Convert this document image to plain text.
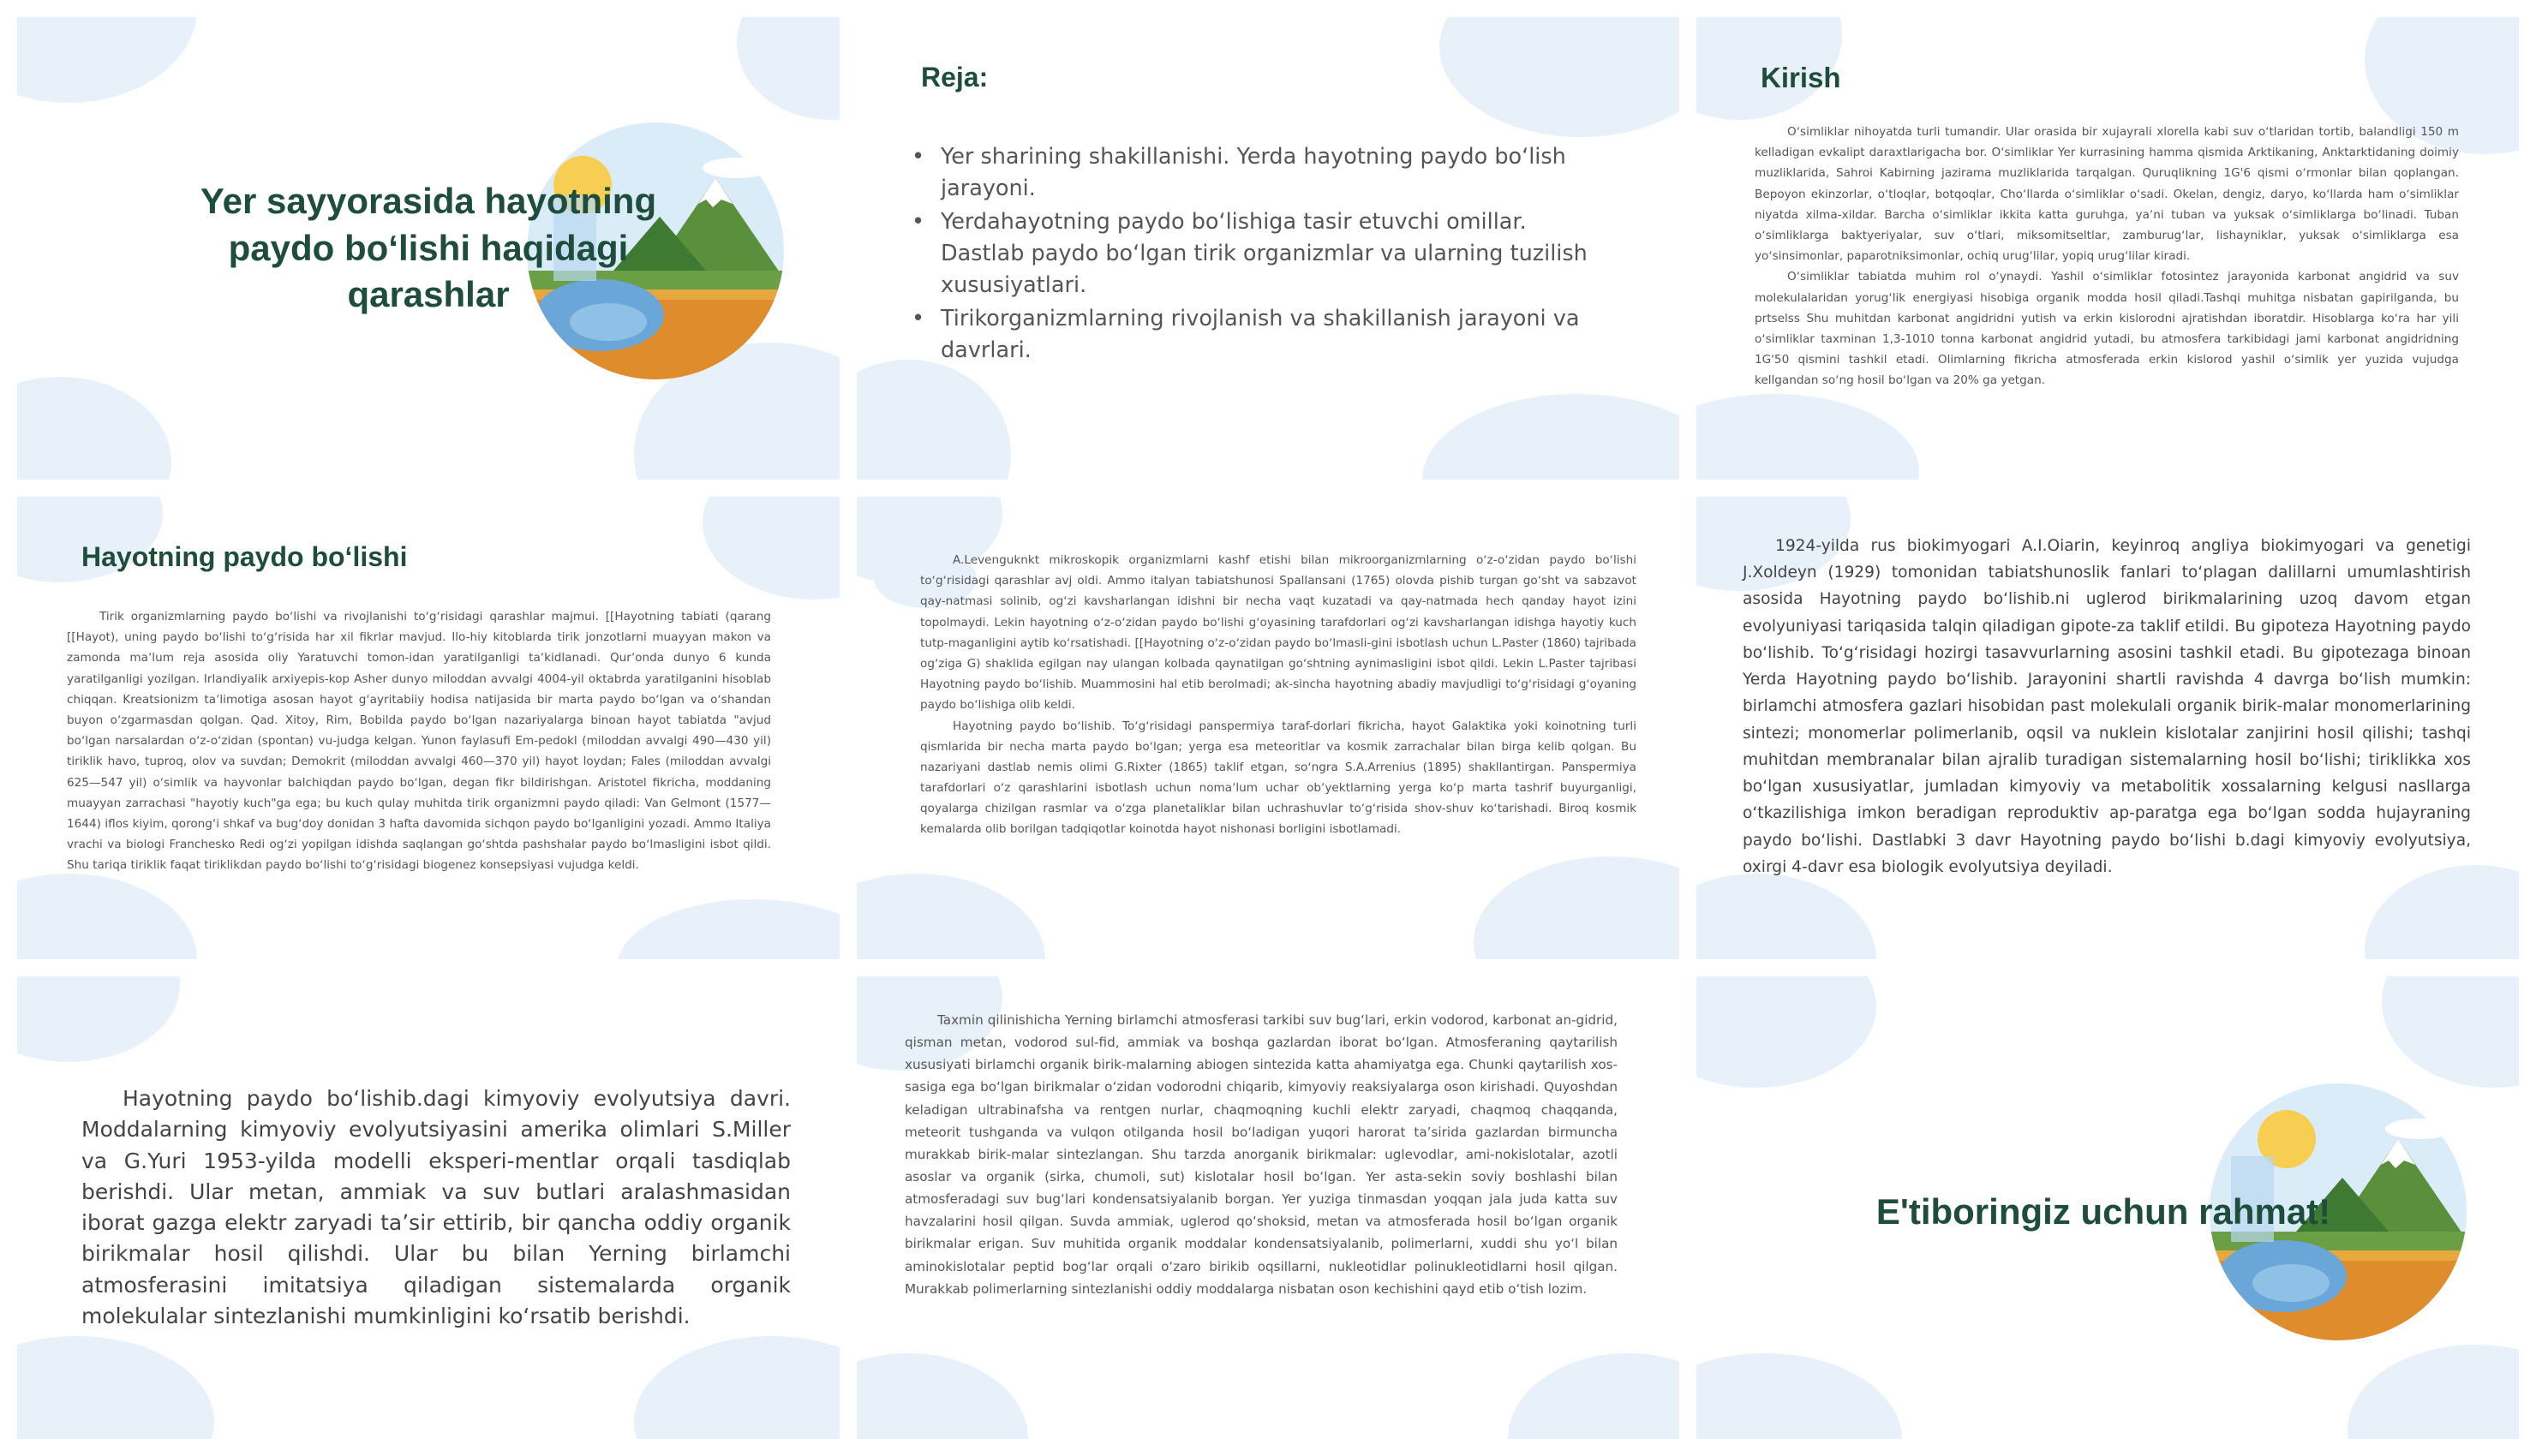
Yer sayyorasida hayotning paydo boʻlishi haqidagi qarashlar
Reja:
• Yer sharining shakillanishi. Yerda hayotning paydo boʻlish jarayoni.
• Yerdahayotning paydo boʻlishiga tasir etuvchi omillar. Dastlab paydo boʻlgan tirik organizmlar va ularning tuzilish xususiyatlari.
• Tirikorganizmlarning rivojlanish va shakillanish jarayoni va davrlari.
Kirish

Oʻsimliklar nihoyatda turli tumandir. Ular orasida bir xujayrali xlorella kabi suv oʻtlaridan tortib, balandligi 150 m kelladigan evkalipt daraxtlarigacha bor. Oʻsimliklar Yer kurrasining hamma qismida Arktikaning, Anktarktidaning doimiy muzliklarida, Sahroi Kabirning jazirama muzliklarida tarqalgan. Quruqlikning 1G'6 qismi oʻrmonlar bilan qoplangan. Bepoyon ekinzorlar, oʻtloqlar, botqoqlar, Choʻllarda oʻsimliklar oʻsadi. Okelan, dengiz, daryo, koʻllarda ham oʻsimliklar niyatda xilma-xildar. Barcha oʻsimliklar ikkita katta guruhga, yaʼni tuban va yuksak oʻsimliklarga boʻlinadi. Tuban oʻsimliklarga baktyeriyalar, suv oʻtlari, miksomitseltlar, zamburugʻlar, lishayniklar, yuksak oʻsimliklarga esa yoʻsinsimonlar, paparotniksimonlar, ochiq urugʻlilar, yopiq urugʻlilar kiradi.

Oʻsimliklar tabiatda muhim rol oʻynaydi. Yashil oʻsimliklar fotosintez jarayonida karbonat angidrid va suv molekulalaridan yorugʻlik energiyasi hisobiga organik modda hosil qiladi.Tashqi muhitga nisbatan gapirilganda, bu prtselss Shu muhitdan karbonat angidridni yutish va erkin kislorodni ajratishdan iboratdir. Hisoblarga koʻra har yili oʻsimliklar taxminan 1,3-1010 tonna karbonat angidrid yutadi, bu atmosfera tarkibidagi jami karbonat angidridning 1G'50 qismini tashkil etadi. Olimlarning fikricha atmosferada erkin kislorod yashil oʻsimlik yer yuzida vujudga kellgandan soʻng hosil boʻlgan va 20% ga yetgan.

Hayotning paydo boʻlishi

Tirik organizmlarning paydo boʻlishi va rivojlanishi toʻgʻrisidagi qarashlar majmui. [[Hayotning tabiati (qarang [[Hayot), uning paydo boʻlishi toʻgʻrisida har xil fikrlar mavjud. Ilo-hiy kitoblarda tirik jonzotlarni muayyan makon va zamonda maʼlum reja asosida oliy Yaratuvchi tomon-idan yaratilganligi taʼkidlanadi. Qurʼonda dunyo 6 kunda yaratilganligi yozilgan. Irlandiyalik arxiyepis-kop Asher dunyo miloddan avvalgi 4004-yil oktabrda yaratilganini hisoblab chiqqan. Kreatsionizm taʼlimotiga asosan hayot gʻayritabiiy hodisa natijasida bir marta paydo boʻlgan va oʻshandan buyon oʻzgarmasdan qolgan. Qad. Xitoy, Rim, Bobilda paydo boʻlgan nazariyalarga binoan hayot tabiatda "avjud boʻlgan narsalardan oʻz-oʻzidan (spontan) vu-judga kelgan. Yunon faylasufi Em-pedokl (miloddan avvalgi 490—430 yil) tiriklik havo, tuproq, olov va suvdan; Demokrit (miloddan avvalgi 460—370 yil) hayot loydan; Fales (miloddan avvalgi 625—547 yil) oʻsimlik va hayvonlar balchiqdan paydo boʻlgan, degan fikr bildirishgan. Aristotel fikricha, moddaning muayyan zarrachasi "hayotiy kuch"ga ega; bu kuch qulay muhitda tirik organizmni paydo qiladi: Van Gelmont (1577—1644) iflos kiyim, qorongʻi shkaf va bugʻdoy donidan 3 hafta davomida sichqon paydo boʻlganligini yozadi. Ammo Italiya vrachi va biologi Franchesko Redi ogʻzi yopilgan idishda saqlangan goʻshtda pashshalar paydo boʻlmasligini isbot qildi. Shu tariqa tiriklik faqat tiriklikdan paydo boʻlishi toʻgʻrisidagi biogenez konsepsiyasi vujudga keldi.

A.Levenguknkt mikroskopik organizmlarni kashf etishi bilan mikroorganizmlarning oʻz-oʻzidan paydo boʻlishi toʻgʻrisidagi qarashlar avj oldi. Ammo italyan tabiatshunosi Spallansani (1765) olovda pishib turgan goʻsht va sabzavot qay-natmasi solinib, ogʻzi kavsharlangan idishni bir necha vaqt kuzatadi va qay-natmada hech qanday hayot izini topolmaydi. Lekin hayotning oʻz-oʻzidan paydo boʻlishi gʻoyasining tarafdorlari ogʻzi kavsharlangan idishga hayotiy kuch tutp-maganligini aytib koʻrsatishadi. [[Hayotning oʻz-oʻzidan paydo boʻlmasli-gini isbotlash uchun L.Paster (1860) tajribada ogʻziga G) shaklida egilgan nay ulangan kolbada qaynatilgan goʻshtning aynimasligini isbot qildi. Lekin L.Paster tajribasi Hayotning paydo boʻlishib. Muammosini hal etib berolmadi; ak-sincha hayotning abadiy mavjudligi toʻgʻrisidagi gʻoyaning paydo boʻlishiga olib keldi.

Hayotning paydo boʻlishib. Toʻgʻrisidagi panspermiya taraf-dorlari fikricha, hayot Galaktika yoki koinotning turli qismlarida bir necha marta paydo boʻlgan; yerga esa meteoritlar va kosmik zarrachalar bilan birga kelib qolgan. Bu nazariyani dastlab nemis olimi G.Rixter (1865) taklif etgan, soʻngra S.A.Arrenius (1895) shakllantirgan. Panspermiya tarafdorlari oʻz qarashlarini isbotlash uchun nomaʼlum uchar obʼyektlarning yerga koʻp marta tashrif buyurganligi, qoyalarga chizilgan rasmlar va oʻzga planetaliklar bilan uchrashuvlar toʻgʻrisida shov-shuv koʻtarishadi. Biroq kosmik kemalarda olib borilgan tadqiqotlar koinotda hayot nishonasi borligini isbotlamadi.

1924-yilda rus biokimyogari A.I.Oiarin, keyinroq angliya biokimyogari va genetigi J.Xoldeyn (1929) tomonidan tabiatshunoslik fanlari toʻplagan dalillarni umumlashtirish asosida Hayotning paydo boʻlishib.ni uglerod birikmalarining uzoq davom etgan evolyuniyasi tariqasida talqin qiladigan gipote-za taklif etildi. Bu gipoteza Hayotning paydo boʻlishib. Toʻgʻrisidagi hozirgi tasavvurlarning asosini tashkil etadi. Bu gipotezaga binoan Yerda Hayotning paydo boʻlishib. Jarayonini shartli ravishda 4 davrga boʻlish mumkin: birlamchi atmosfera gazlari hisobidan past molekulali organik birik-malar monomerlarining sintezi; monomerlar polimerlanib, oqsil va nuklein kislotalar zanjirini hosil qilishi; tashqi muhitdan membranalar bilan ajralib turadigan sistemalarning hosil boʻlishi; tiriklikka xos boʻlgan xususiyatlar, jumladan kimyoviy va metabolitik xossalarning kelgusi nasllarga oʻtkazilishiga imkon beradigan reproduktiv ap-paratga ega boʻlgan sodda hujayraning paydo boʻlishi. Dastlabki 3 davr Hayotning paydo boʻlishi b.dagi kimyoviy evolyutsiya, oxirgi 4-davr esa biologik evolyutsiya deyiladi.

Hayotning paydo boʻlishib.dagi kimyoviy evolyutsiya davri. Moddalarning kimyoviy evolyutsiyasini amerika olimlari S.Miller va G.Yuri 1953-yilda modelli eksperi-mentlar orqali tasdiqlab berishdi. Ular metan, ammiak va suv butlari aralashmasidan iborat gazga elektr zaryadi taʼsir ettirib, bir qancha oddiy organik birikmalar hosil qilishdi. Ular bu bilan Yerning birlamchi atmosferasini imitatsiya qiladigan sistemalarda organik molekulalar sintezlanishi mumkinligini koʻrsatib berishdi.

Taxmin qilinishicha Yerning birlamchi atmosferasi tarkibi suv bugʻlari, erkin vodorod, karbonat an-gidrid, qisman metan, vodorod sul-fid, ammiak va boshqa gazlardan iborat boʻlgan. Atmosferaning qaytarilish xususiyati birlamchi organik birik-malarning abiogen sintezida katta ahamiyatga ega. Chunki qaytarilish xos-sasiga ega boʻlgan birikmalar oʻzidan vodorodni chiqarib, kimyoviy reaksiyalarga oson kirishadi. Quyoshdan keladigan ultrabinafsha va rentgen nurlar, chaqmoqning kuchli elektr zaryadi, chaqmoq chaqqanda, meteorit tushganda va vulqon otilganda hosil boʻladigan yuqori harorat taʼsirida gazlardan birmuncha murakkab birik-malar sintezlangan. Shu tarzda anorganik birikmalar: uglevodlar, ami-nokislotalar, azotli asoslar va organik (sirka, chumoli, sut) kislotalar hosil boʻlgan. Yer asta-sekin soviy boshlashi bilan atmosferadagi suv bugʻlari kondensatsiyalanib borgan. Yer yuziga tinmasdan yoqqan jala juda katta suv havzalarini hosil qilgan. Suvda ammiak, uglerod qoʻshoksid, metan va atmosferada hosil boʻlgan organik birikmalar erigan. Suv muhitida organik moddalar kondensatsiyalanib, polimerlarni, xuddi shu yoʻl bilan aminokislotalar peptid bogʻlar orqali oʻzaro birikib oqsillarni, nukleotidlar polinukleotidlarni hosil qilgan. Murakkab polimerlarning sintezlanishi oddiy moddalarga nisbatan oson kechishini qayd etib oʻtish lozim.

E'tiboringiz uchun rahmat!
